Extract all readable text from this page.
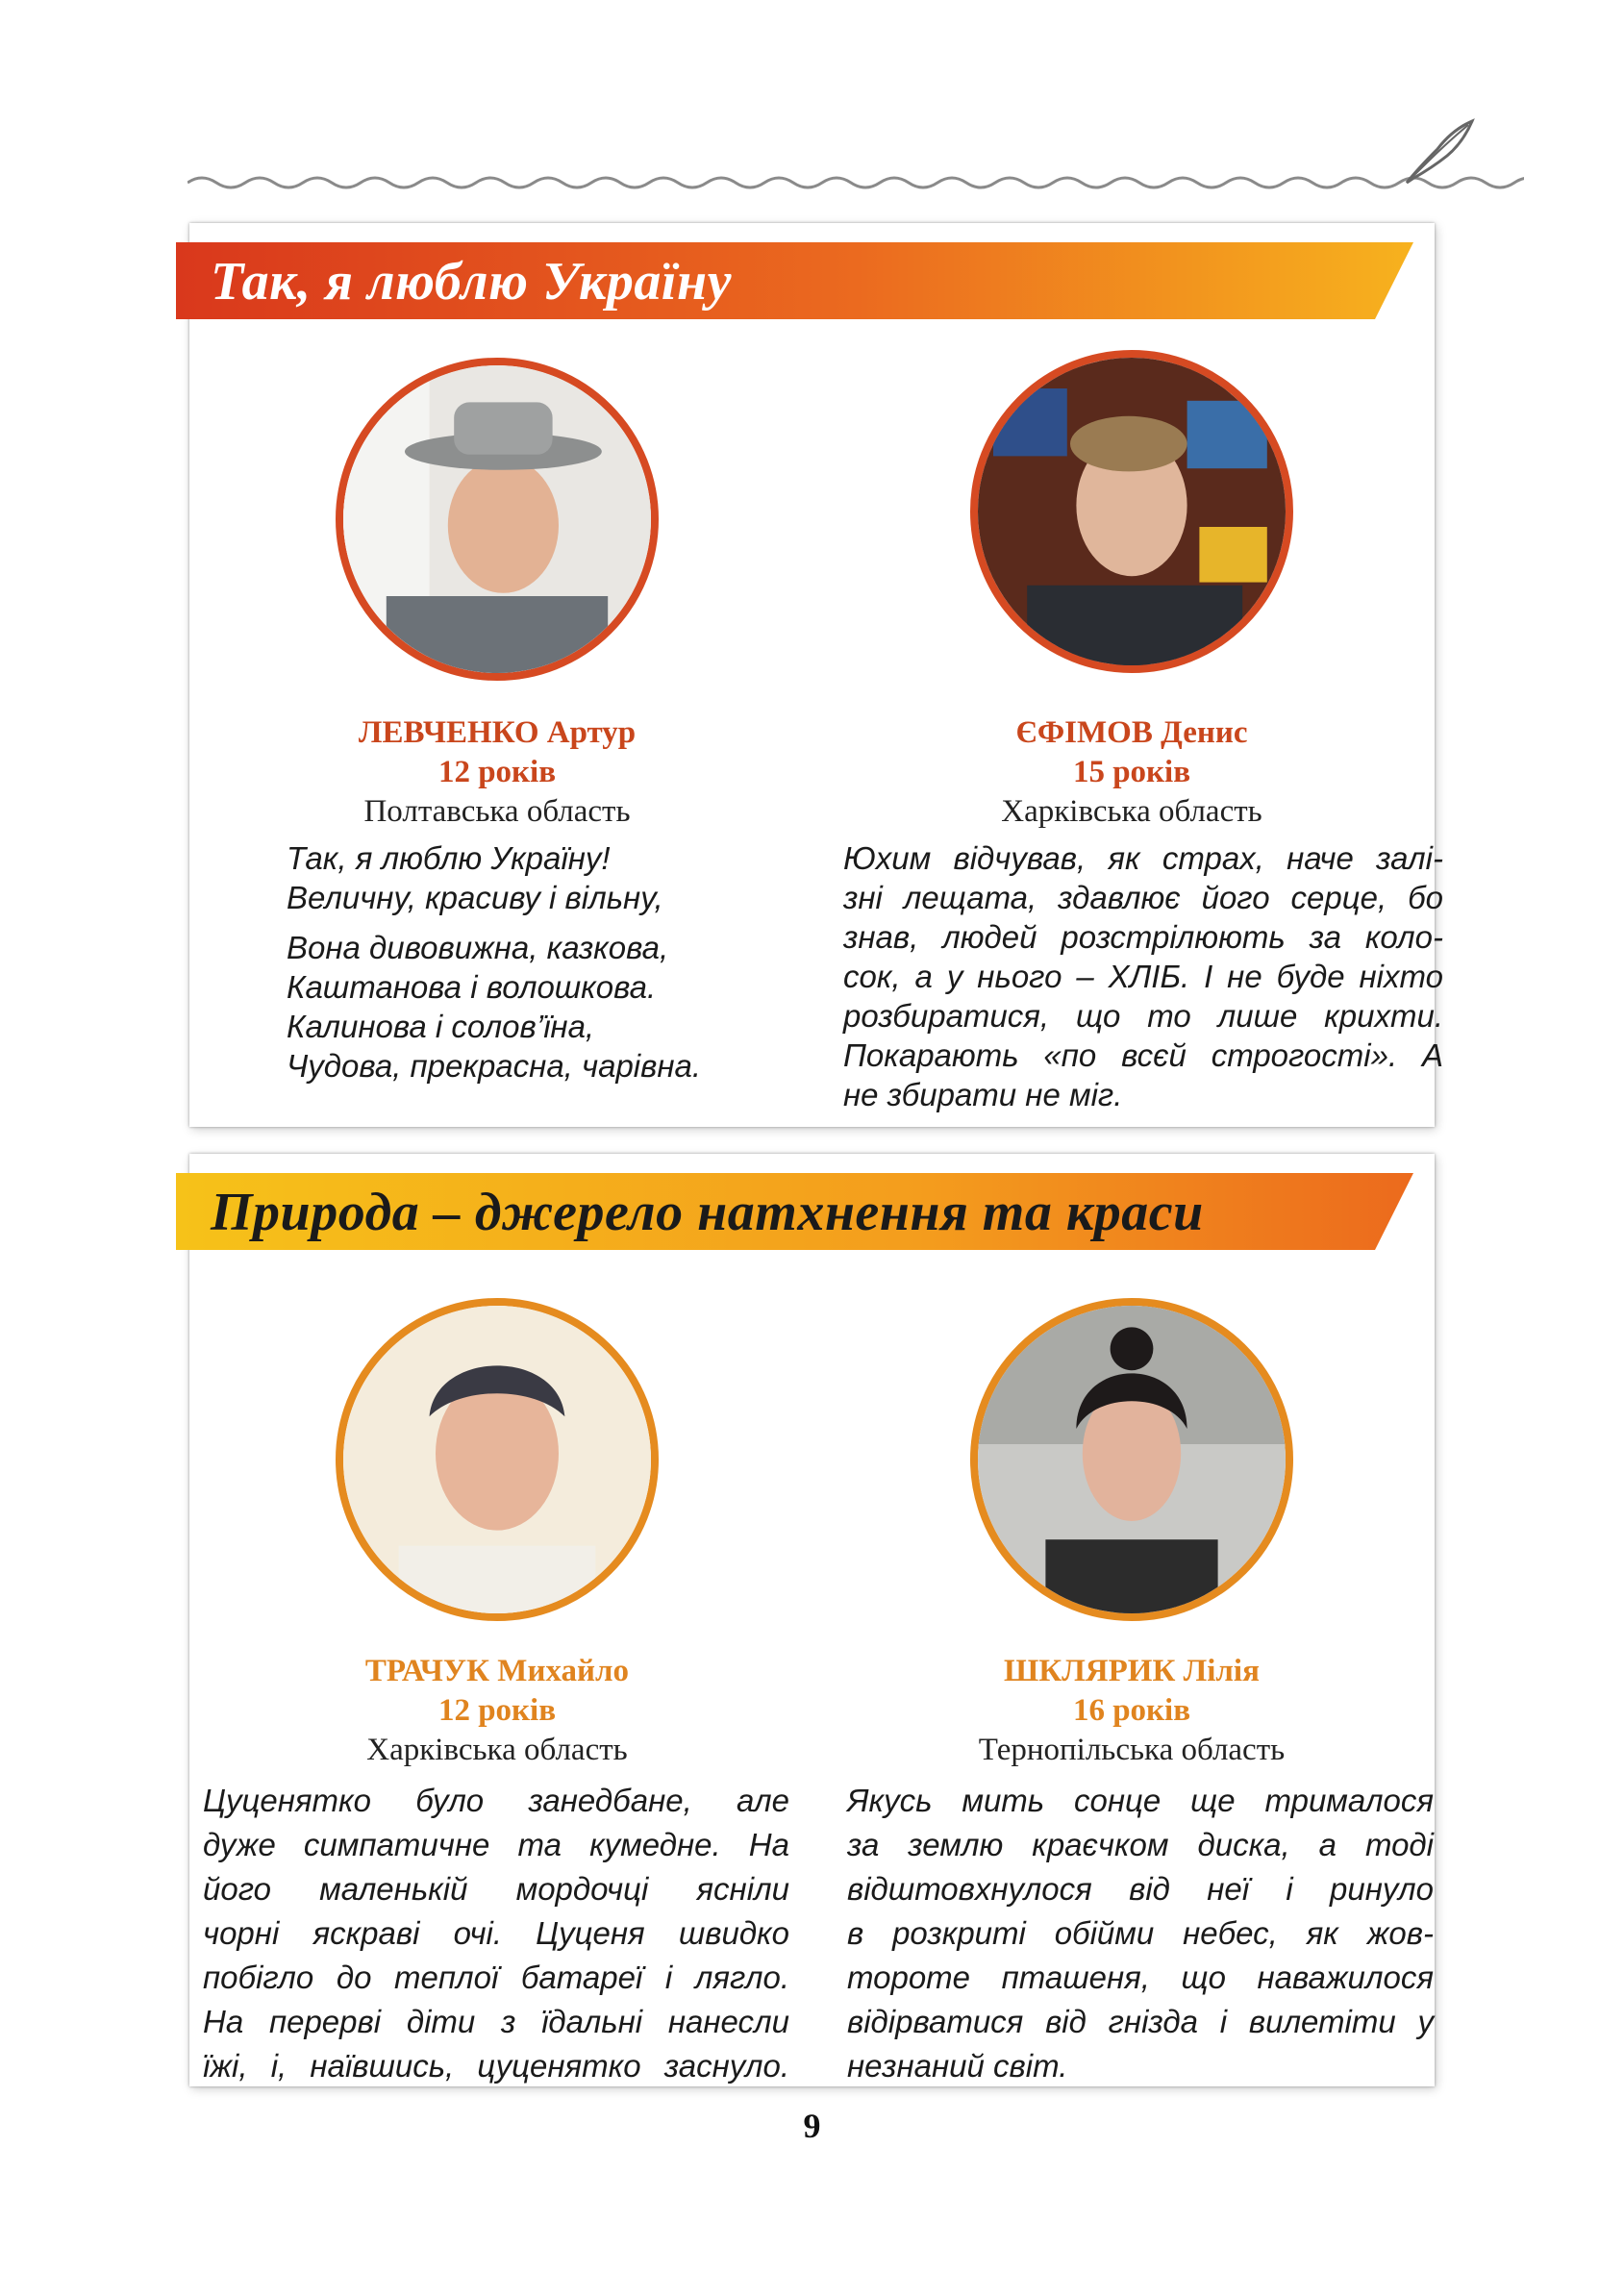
Так, я люблю Україну
ЛЕВЧЕНКО Артур
12 років
Полтавська область
Так, я люблю Україну!
Величну, красиву і вільну,
Вона дивовижна, казкова,
Каштанова і волошкова.
Калинова і солов’їна,
Чудова, прекрасна, чарівна.
ЄФІМОВ Денис
15 років
Харківська область
Юхим відчував, як страх, наче залі-
зні лещата, здавлює його серце, бо
знав, людей розстрілюють за коло-
сок, а у нього – ХЛІБ. І не буде ніхто
розбиратися, що то лише крихти.
Покарають «по всєй строгості». А
не збирати не міг.
Природа – джерело натхнення та краси
ТРАЧУК Михайло
12 років
Харківська область
Цуценятко було занедбане, але
дуже симпатичне та кумедне. На
його маленькій мордочці ясніли
чорні яскраві очі. Цуценя швидко
побігло до теплої батареї і лягло.
На перерві діти з їдальні нанесли
їжі, і, наївшись, цуценятко заснуло.
ШКЛЯРИК Лілія
16 років
Тернопільська область
Якусь мить сонце ще трималося
за землю краєчком диска, а тоді
відштовхнулося від неї і ринуло
в розкриті обійми небес, як жов-
тороте пташеня, що наважилося
відірватися від гнізда і вилетіти у
незнаний світ.
9
